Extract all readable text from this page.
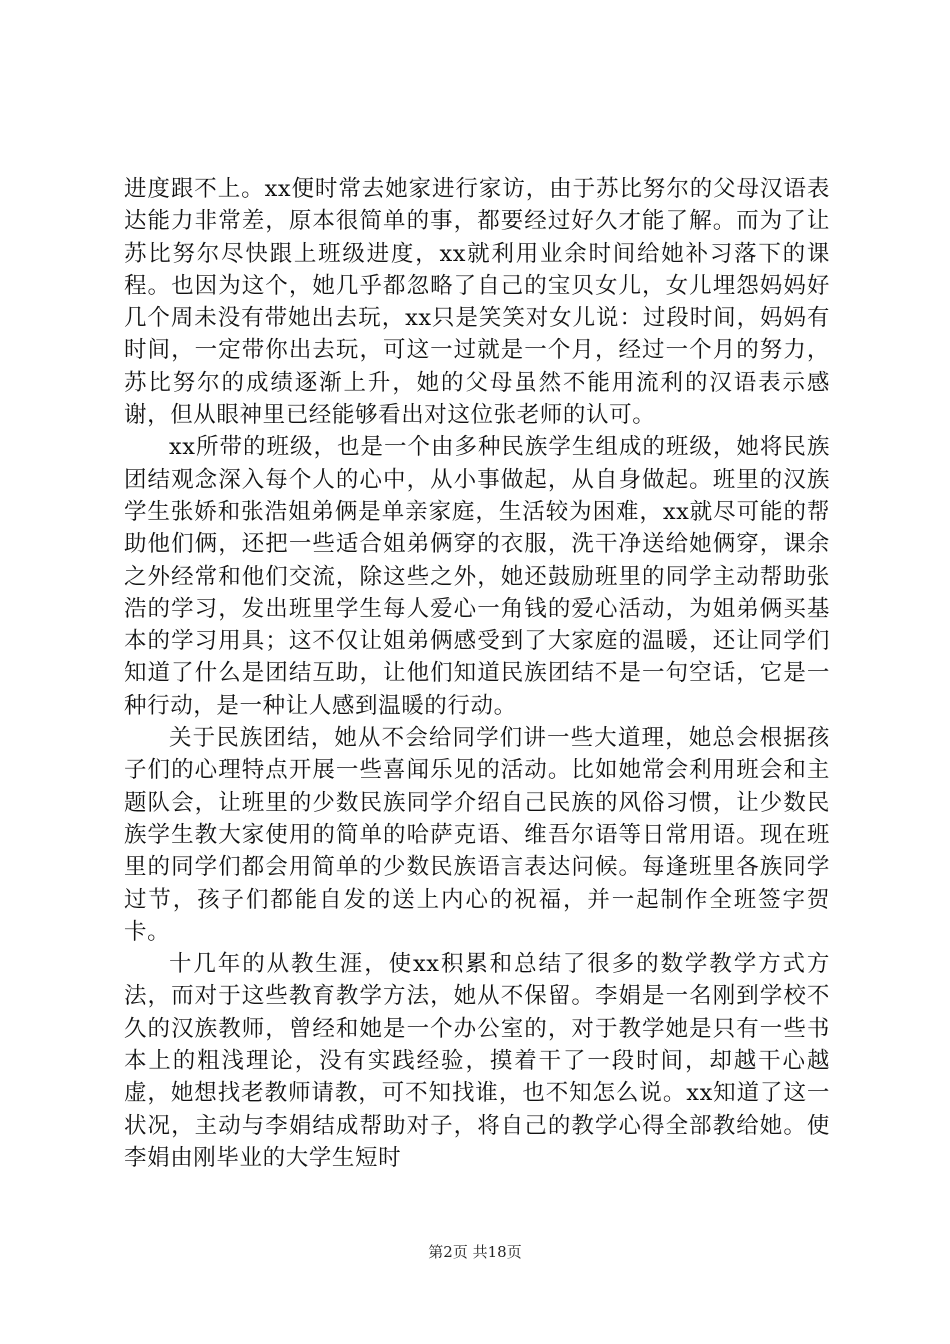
进度跟不上。xx便时常去她家进行家访，由于苏比努尔的父母汉语表达能力非常差，原本很简单的事，都要经过好久才能了解。而为了让苏比努尔尽快跟上班级进度，xx就利用业余时间给她补习落下的课程。也因为这个，她几乎都忽略了自己的宝贝女儿，女儿埋怨妈妈好几个周未没有带她出去玩，xx只是笑笑对女儿说：过段时间，妈妈有时间，一定带你出去玩，可这一过就是一个月，经过一个月的努力，苏比努尔的成绩逐渐上升，她的父母虽然不能用流利的汉语表示感谢，但从眼神里已经能够看出对这位张老师的认可。

xx所带的班级，也是一个由多种民族学生组成的班级，她将民族团结观念深入每个人的心中，从小事做起，从自身做起。班里的汉族学生张娇和张浩姐弟俩是单亲家庭，生活较为困难，xx就尽可能的帮助他们俩，还把一些适合姐弟俩穿的衣服，洗干净送给她俩穿，课余之外经常和他们交流，除这些之外，她还鼓励班里的同学主动帮助张浩的学习，发出班里学生每人爱心一角钱的爱心活动，为姐弟俩买基本的学习用具；这不仅让姐弟俩感受到了大家庭的温暖，还让同学们知道了什么是团结互助，让他们知道民族团结不是一句空话，它是一种行动，是一种让人感到温暖的行动。

关于民族团结，她从不会给同学们讲一些大道理，她总会根据孩子们的心理特点开展一些喜闻乐见的活动。比如她常会利用班会和主题队会，让班里的少数民族同学介绍自己民族的风俗习惯，让少数民族学生教大家使用的简单的哈萨克语、维吾尔语等日常用语。现在班里的同学们都会用简单的少数民族语言表达问候。每逢班里各族同学过节，孩子们都能自发的送上内心的祝福，并一起制作全班签字贺卡。

十几年的从教生涯，使xx积累和总结了很多的数学教学方式方法，而对于这些教育教学方法，她从不保留。李娟是一名刚到学校不久的汉族教师，曾经和她是一个办公室的，对于教学她是只有一些书本上的粗浅理论，没有实践经验，摸着干了一段时间，却越干心越虚，她想找老教师请教，可不知找谁，也不知怎么说。xx知道了这一状况，主动与李娟结成帮助对子，将自己的教学心得全部教给她。使李娟由刚毕业的大学生短时

第2页 共18页
